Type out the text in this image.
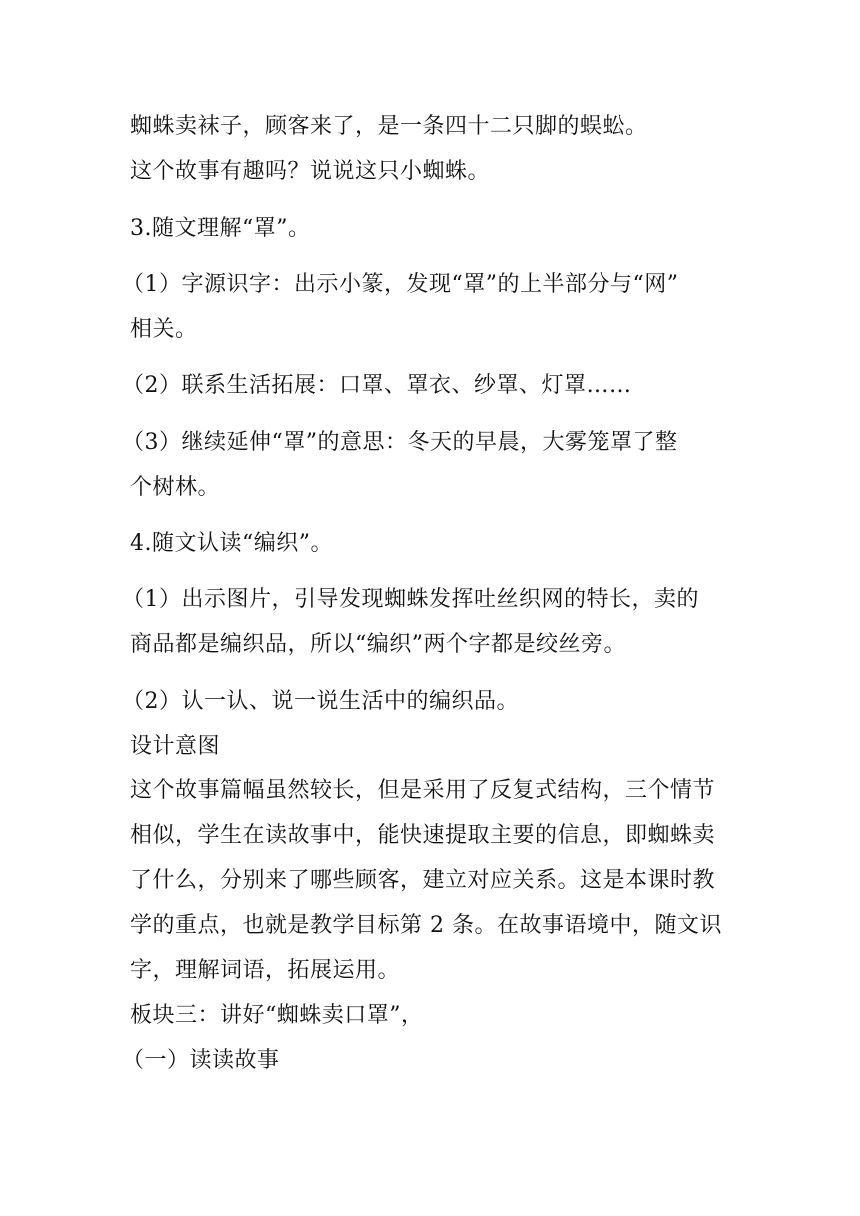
蜘蛛卖袜子，顾客来了，是一条四十二只脚的蜈蚣。
这个故事有趣吗？说说这只小蜘蛛。
3.随文理解“罩”。
（1）字源识字：出示小篆，发现“罩”的上半部分与“网”
相关。
（2）联系生活拓展：口罩、罩衣、纱罩、灯罩……
（3）继续延伸“罩”的意思：冬天的早晨，大雾笼罩了整
个树林。
4.随文认读“编织”。
（1）出示图片，引导发现蜘蛛发挥吐丝织网的特长，卖的
商品都是编织品，所以“编织”两个字都是绞丝旁。
（2）认一认、说一说生活中的编织品。
设计意图
这个故事篇幅虽然较长，但是采用了反复式结构，三个情节
相似，学生在读故事中，能快速提取主要的信息，即蜘蛛卖
了什么，分别来了哪些顾客，建立对应关系。这是本课时教
学的重点，也就是教学目标第 2 条。在故事语境中，随文识
字，理解词语，拓展运用。
板块三：讲好“蜘蛛卖口罩”，
（一）读读故事
